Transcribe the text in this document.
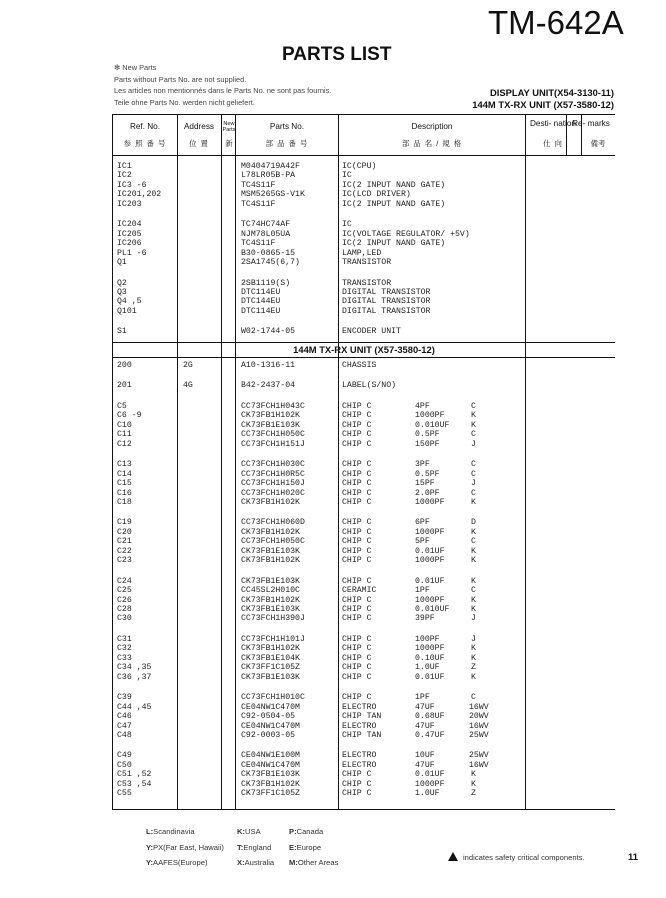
TM-642A
PARTS LIST
✻ New Parts
Parts without Parts No. are not supplied.
Les articles non mentionnés dans le Parts No. ne sont pas fournis.
Teile ohne Parts No. werden nicht geliefert.
DISPLAY UNIT(X54-3130-11)
144M TX-RX UNIT (X57-3580-12)
Ref. No.
参 照 番 号
Address
位 置
New Parts
新
Parts No.
部 品 番 号
Description
部 品 名 / 規 格
Desti- nation
仕 向
Re- marks
備考
IC1	M0404719A42F	IC(CPU)
IC2	L78LR05B-PA	IC
IC3 -6	TC4S11F	IC(2 INPUT NAND GATE)
IC201,202	MSM5265GS-V1K	IC(LCD DRIVER)
IC203	TC4S11F	IC(2 INPUT NAND GATE)
IC204	TC74HC74AF	IC
IC205	NJM78L05UA	IC(VOLTAGE REGULATOR/ +5V)
IC206	TC4S11F	IC(2 INPUT NAND GATE)
PL1 -6	B30-0865-15	LAMP,LED
Q1	2SA1745(6,7)	TRANSISTOR
Q2	2SB1119(S)	TRANSISTOR
Q3	DTC114EU	DIGITAL TRANSISTOR
Q4 ,5	DTC144EU	DIGITAL TRANSISTOR
Q101	DTC114EU	DIGITAL TRANSISTOR
S1	W02-1744-05	ENCODER UNIT
144M TX-RX UNIT (X57-3580-12)
200	2G	A10-1316-11	CHASSIS
201	4G	B42-2437-04	LABEL(S/NO)
C5	CC73FCH1H043C	CHIP C	4PF	C
C6 -9	CK73FB1H102K	CHIP C	1000PF	K
C10	CK73FB1E103K	CHIP C	0.010UF	K
C11	CC73FCH1H050C	CHIP C	0.5PF	C
C12	CC73FCH1H151J	CHIP C	150PF	J
C13	CC73FCH1H030C	CHIP C	3PF	C
C14	CC73FCH1H0R5C	CHIP C	0.5PF	C
C15	CC73FCH1H150J	CHIP C	15PF	J
C16	CC73FCH1H020C	CHIP C	2.0PF	C
C18	CK73FB1H102K	CHIP C	1000PF	K
C19	CC73FCH1H060D	CHIP C	6PF	D
C20	CK73FB1H102K	CHIP C	1000PF	K
C21	CC73FCH1H050C	CHIP C	5PF	C
C22	CK73FB1E103K	CHIP C	0.01UF	K
C23	CK73FB1H102K	CHIP C	1000PF	K
C24	CK73FB1E103K	CHIP C	0.01UF	K
C25	CC45SL2H010C	CERAMIC	1PF	C
C26	CK73FB1H102K	CHIP C	1000PF	K
C28	CK73FB1E103K	CHIP C	0.010UF	K
C30	CC73FCH1H390J	CHIP C	39PF	J
C31	CC73FCH1H101J	CHIP C	100PF	J
C32	CK73FB1H102K	CHIP C	1000PF	K
C33	CK73FB1E104K	CHIP C	0.10UF	K
C34 ,35	CK73FF1C105Z	CHIP C	1.0UF	Z
C36 ,37	CK73FB1E103K	CHIP C	0.01UF	K
C39	CC73FCH1H010C	CHIP C	1PF	C
C44 ,45	CE04NW1C470M	ELECTRO	47UF	16WV
C46	C92-0504-05	CHIP TAN	0.68UF	20WV
C47	CE04NW1C470M	ELECTRO	47UF	16WV
C48	C92-0003-05	CHIP TAN	0.47UF	25WV
C49	CE04NW1E100M	ELECTRO	10UF	25WV
C50	CE04NW1C470M	ELECTRO	47UF	16WV
C51 ,52	CK73FB1E103K	CHIP C	0.01UF	K
C53 ,54	CK73FB1H102K	CHIP C	1000PF	K
C55	CK73FF1C105Z	CHIP C	1.0UF	Z
L:Scandinavia
Y:PX(Far East, Hawaii)
Y:AAFES(Europe)
K:USA
T:England
X:Australia
P:Canada
E:Europe
M:Other Areas
indicates safety critical components.	11
